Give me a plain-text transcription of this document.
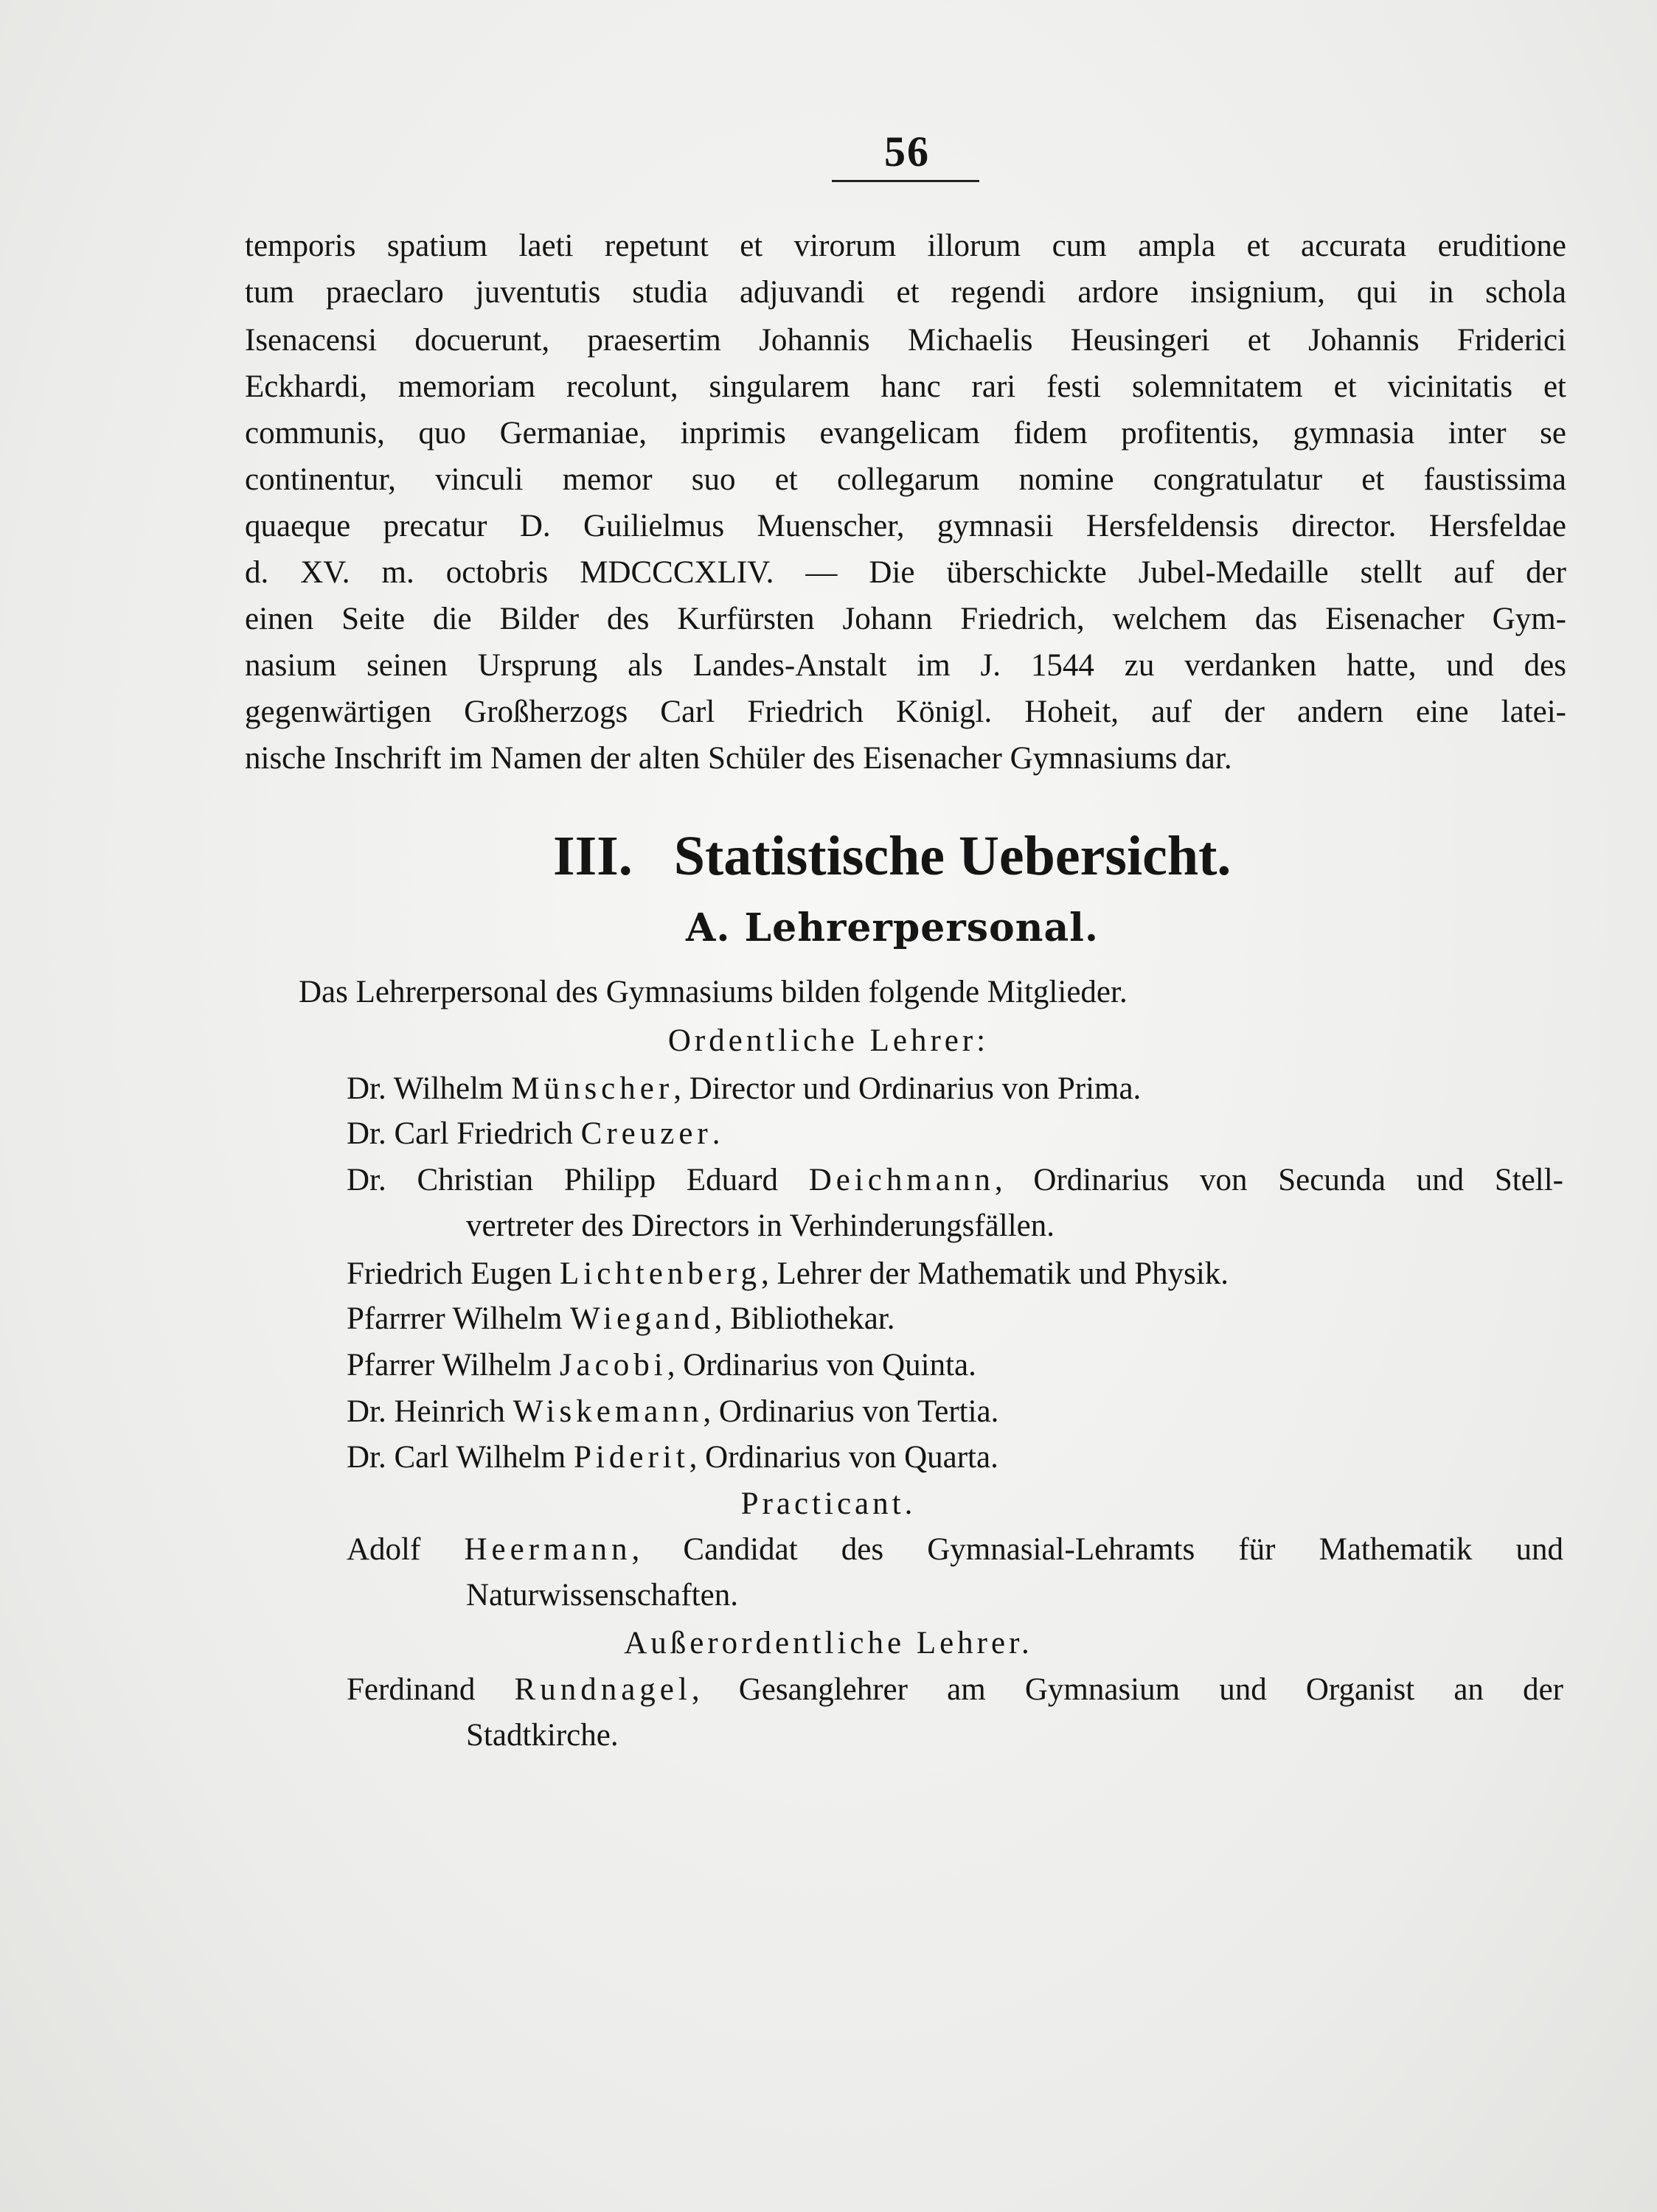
56
temporis spatium laeti repetunt et virorum illorum cum ampla et accurata eruditione
tum praeclaro juventutis studia adjuvandi et regendi ardore insignium, qui in schola
Isenacensi docuerunt, praesertim Johannis Michaelis Heusingeri et Johannis Friderici
Eckhardi, memoriam recolunt, singularem hanc rari festi solemnitatem et vicinitatis et
communis, quo Germaniae, inprimis evangelicam fidem profitentis, gymnasia inter se
continentur, vinculi memor suo et collegarum nomine congratulatur et faustissima
quaeque precatur D. Guilielmus Muenscher, gymnasii Hersfeldensis director. Hersfeldae
d. XV. m. octobris MDCCCXLIV. — Die überschickte Jubel-Medaille stellt auf der
einen Seite die Bilder des Kurfürsten Johann Friedrich, welchem das Eisenacher Gym-
nasium seinen Ursprung als Landes-Anstalt im J. 1544 zu verdanken hatte, und des
gegenwärtigen Großherzogs Carl Friedrich Königl. Hoheit, auf der andern eine latei-
nische Inschrift im Namen der alten Schüler des Eisenacher Gymnasiums dar.
III. Statistische Uebersicht.
A. Lehrerpersonal.
Das Lehrerpersonal des Gymnasiums bilden folgende Mitglieder.
Ordentliche Lehrer:
Dr. Wilhelm Münscher, Director und Ordinarius von Prima.
Dr. Carl Friedrich Creuzer.
Dr. Christian Philipp Eduard Deichmann, Ordinarius von Secunda und Stell-
vertreter des Directors in Verhinderungsfällen.
Friedrich Eugen Lichtenberg, Lehrer der Mathematik und Physik.
Pfarrrer Wilhelm Wiegand, Bibliothekar.
Pfarrer Wilhelm Jacobi, Ordinarius von Quinta.
Dr. Heinrich Wiskemann, Ordinarius von Tertia.
Dr. Carl Wilhelm Piderit, Ordinarius von Quarta.
Practicant.
Adolf Heermann, Candidat des Gymnasial-Lehramts für Mathematik und
Naturwissenschaften.
Außerordentliche Lehrer.
Ferdinand Rundnagel, Gesanglehrer am Gymnasium und Organist an der
Stadtkirche.
